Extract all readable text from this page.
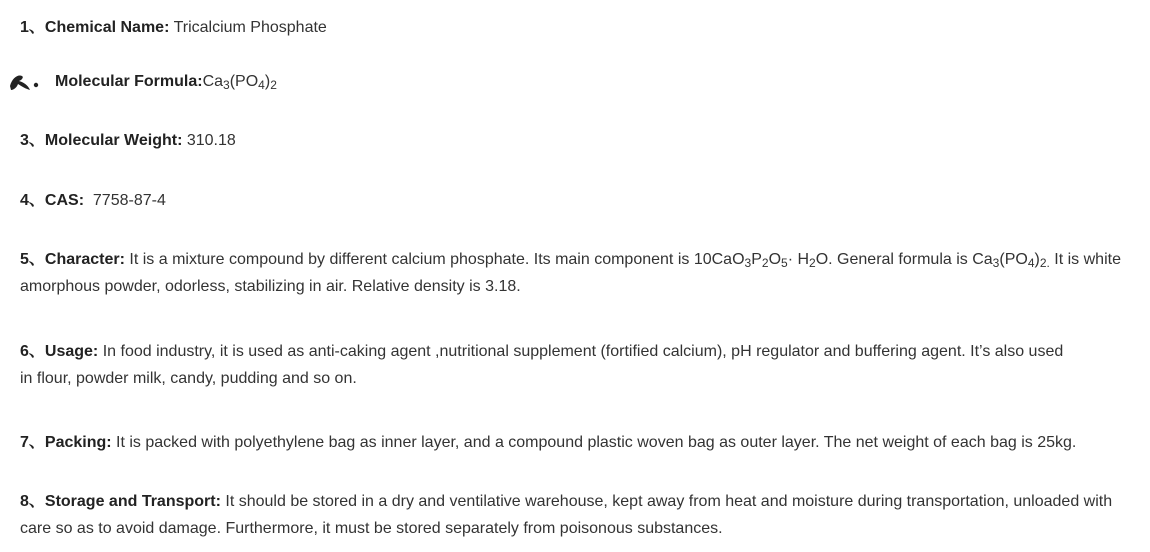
1、Chemical Name: Tricalcium Phosphate
Molecular $Formula:Ca_3(PO_4)_2$
3、Molecular Weight: 310.18
4、CAS:  7758-87-4
5、Character: It is a mixture compound by different calcium phosphate. Its main component is $10CaO_3P_2O_5\cdot H_2O$. General formula is $Ca_3(PO_4)_{2.}$ It is white
amorphous powder, odorless, stabilizing in air. Relative density is 3.18.
6、Usage: In food industry, it is used as anti-caking agent ,nutritional supplement (fortified calcium), pH regulator and buffering agent. It’s also used
in flour, powder milk, candy, pudding and so on.
7、Packing: It is packed with polyethylene bag as inner layer, and a compound plastic woven bag as outer layer. The net weight of each bag is 25kg.
8、Storage and Transport: It should be stored in a dry and ventilative warehouse, kept away from heat and moisture during transportation, unloaded with
care so as to avoid damage. Furthermore, it must be stored separately from poisonous substances.
